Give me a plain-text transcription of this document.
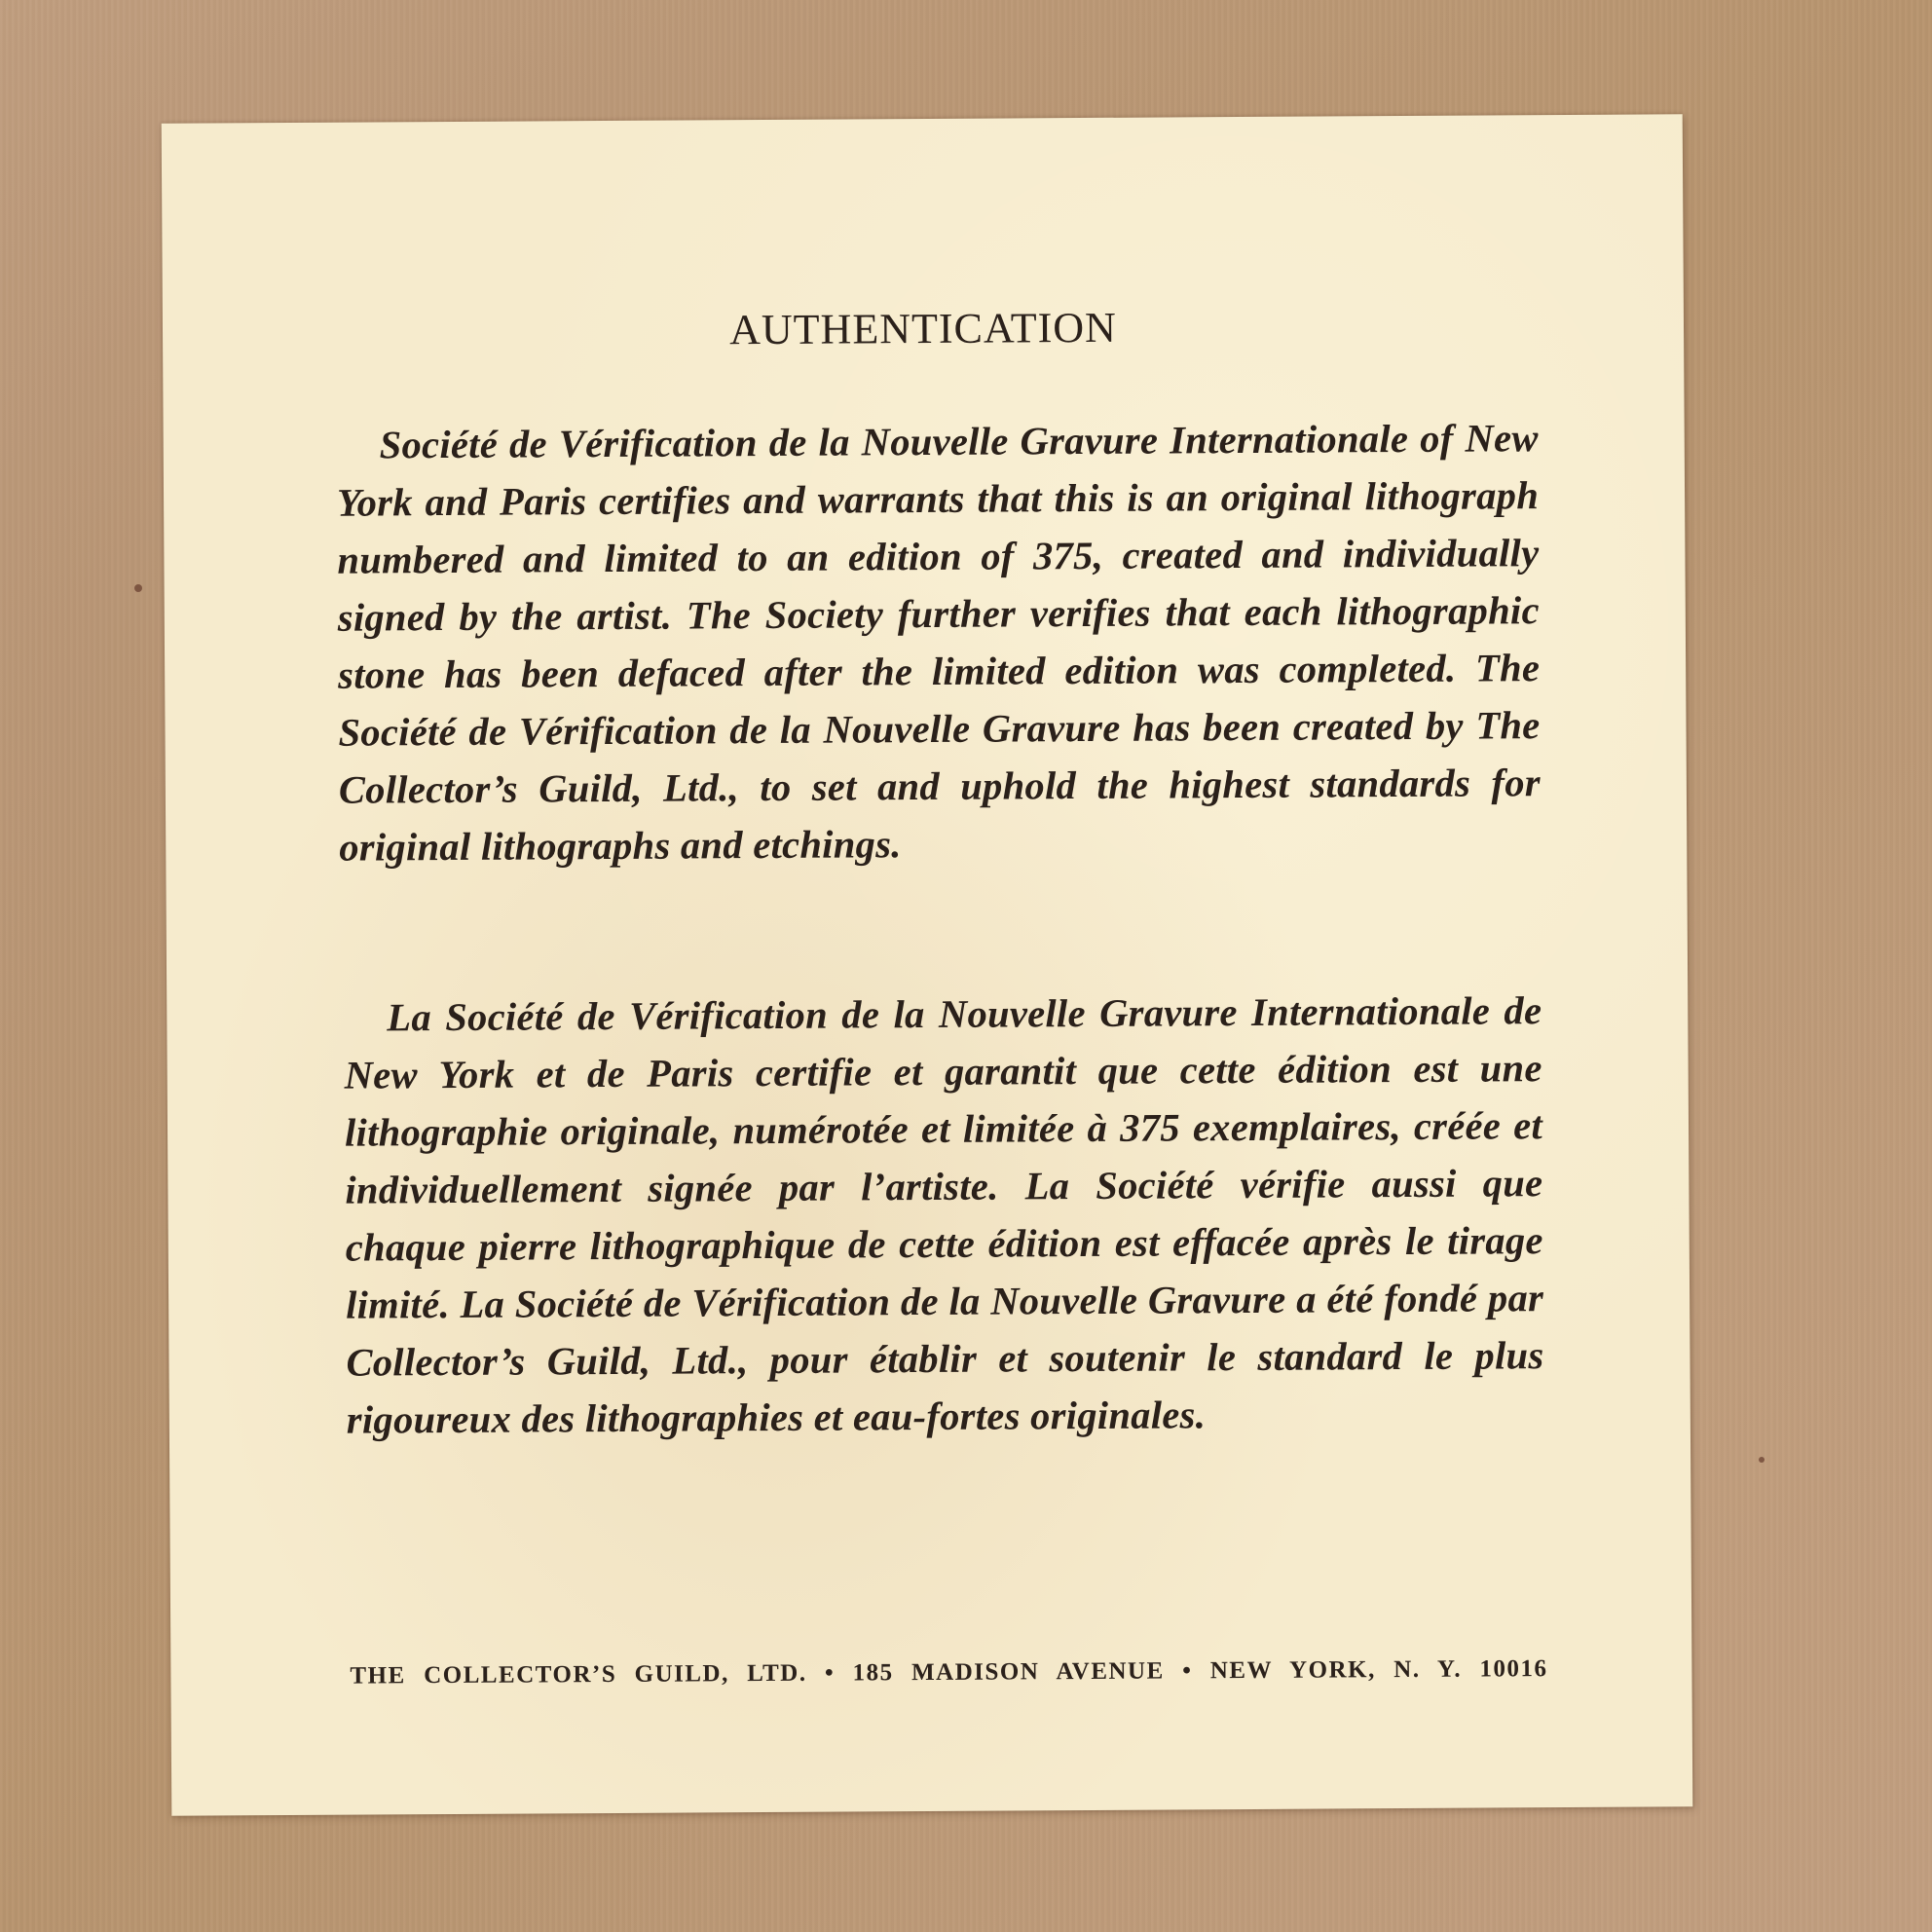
AUTHENTICATION

Société de Vérification de la Nouvelle Gravure Internationale of New York and Paris certifies and warrants that this is an original lithograph numbered and limited to an edition of 375, created and individually signed by the artist. The Society further verifies that each lithographic stone has been defaced after the limited edition was completed. The Société de Vérification de la Nouvelle Gravure has been created by The Collector’s Guild, Ltd., to set and uphold the highest standards for original lithographs and etchings.

La Société de Vérification de la Nouvelle Gravure Internationale de New York et de Paris certifie et garantit que cette édition est une lithographie originale, numérotée et limitée à 375 exemplaires, créée et individuellement signée par l’artiste. La Société vérifie aussi que chaque pierre lithographique de cette édition est effacée après le tirage limité. La Société de Vérification de la Nouvelle Gravure a été fondé par Collector’s Guild, Ltd., pour établir et soutenir le standard le plus rigoureux des lithographies et eau-fortes originales.

THE COLLECTOR’S GUILD, LTD. • 185 MADISON AVENUE • NEW YORK, N. Y. 10016
